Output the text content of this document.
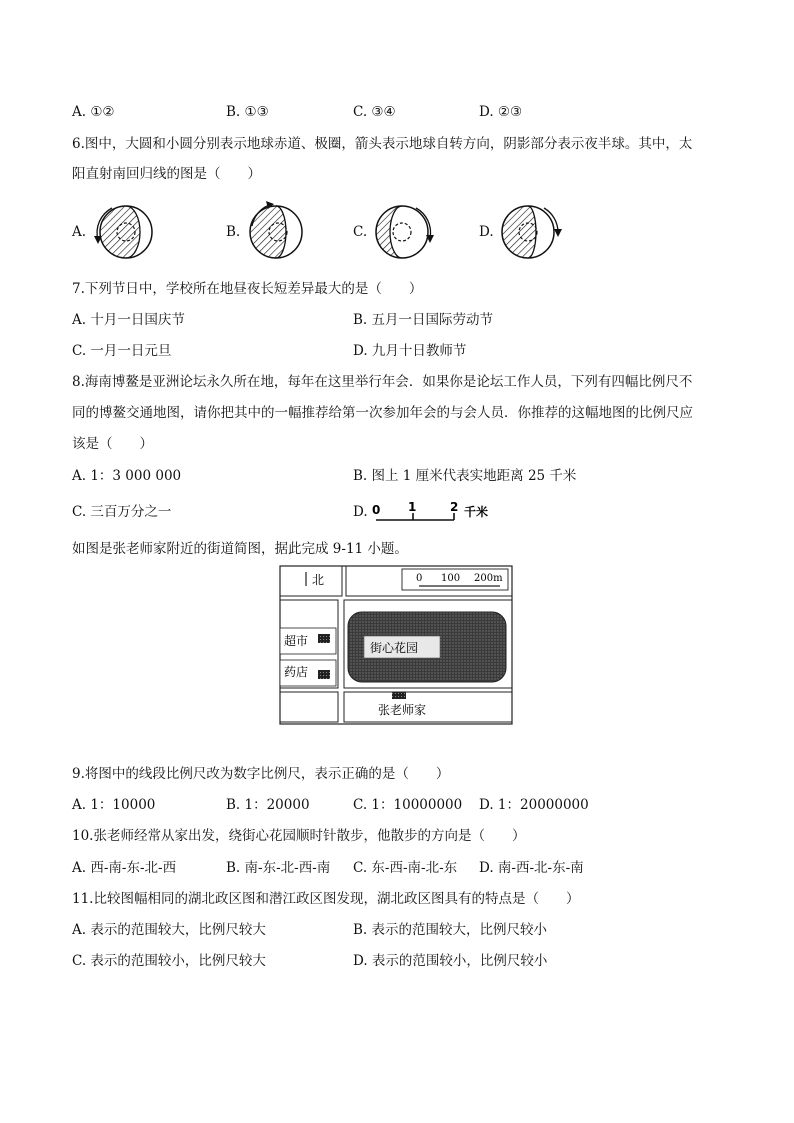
A. ①②	B. ①③	C. ③④	D. ②③
6.图中，大圆和小圆分别表示地球赤道、极圈，箭头表示地球自转方向，阴影部分表示夜半球。其中，太
阳直射南回归线的图是（　　）
A.	B.	C.	D.
7.下列节日中，学校所在地昼夜长短差异最大的是（　　）
A. 十月一日国庆节	B. 五月一日国际劳动节
C. 一月一日元旦	D. 九月十日教师节
8.海南博鳌是亚洲论坛永久所在地，每年在这里举行年会．如果你是论坛工作人员，下列有四幅比例尺不
同的博鳌交通地图，请你把其中的一幅推荐给第一次参加年会的与会人员．你推荐的这幅地图的比例尺应
该是（　　）
A. 1：3 000 000	B. 图上 1 厘米代表实地距离 25 千米
C. 三百万分之一	D. 0 1	2 千米
如图是张老师家附近的街道简图，据此完成 9-11 小题。
北	0 100 200m
超市
药店
街心花园
张老师家
9.将图中的线段比例尺改为数字比例尺，表示正确的是（　　）
A. 1：10000	B. 1：20000	C. 1：10000000 D. 1：20000000
10.张老师经常从家出发，绕街心花园顺时针散步，他散步的方向是（　　）
A. 西-南-东-北-西	B. 南-东-北-西-南 C. 东-西-南-北-东 D. 南-西-北-东-南
11.比较图幅相同的湖北政区图和潜江政区图发现，湖北政区图具有的特点是（　　）
A. 表示的范围较大，比例尺较大	B. 表示的范围较大，比例尺较小
C. 表示的范围较小，比例尺较大	D. 表示的范围较小，比例尺较小
